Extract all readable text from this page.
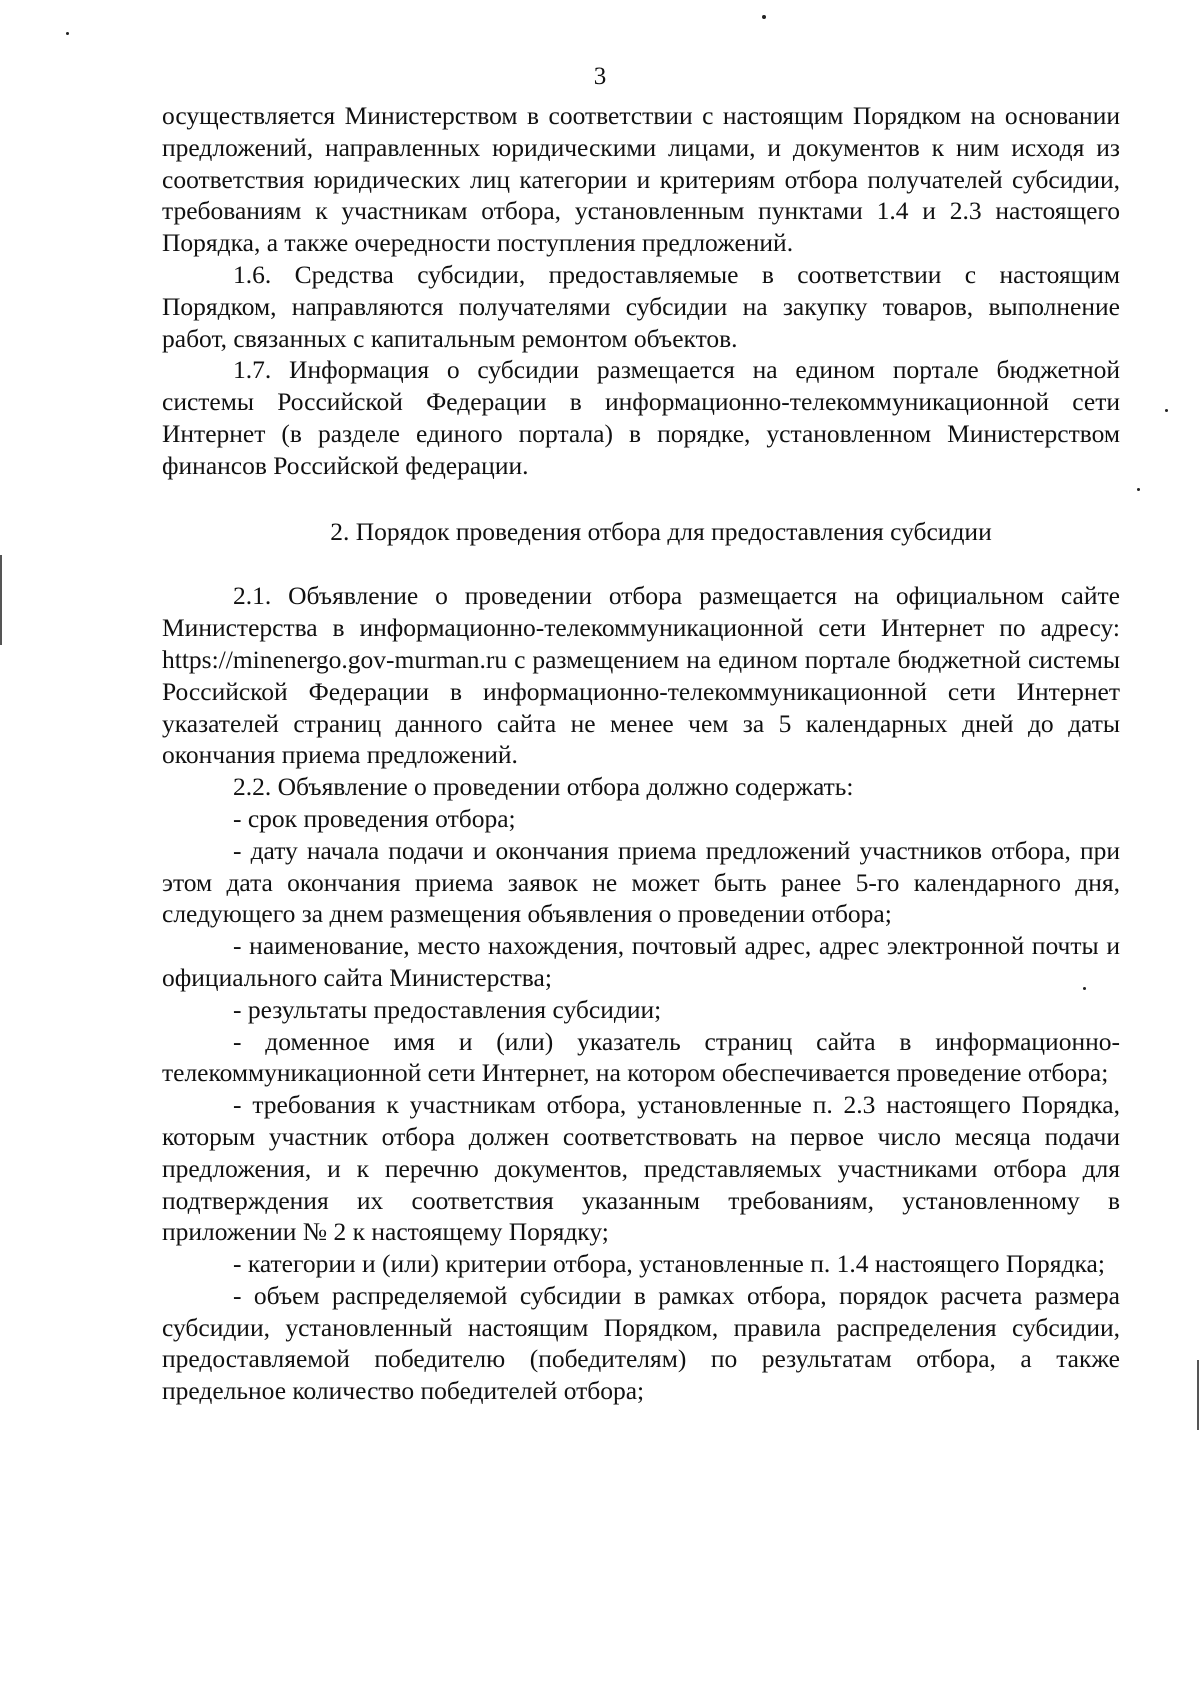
3

осуществляется Министерством в соответствии с настоящим Порядком на основании предложений, направленных юридическими лицами, и документов к ним исходя из соответствия юридических лиц категории и критериям отбора получателей субсидии, требованиям к участникам отбора, установленным пунктами 1.4 и 2.3 настоящего Порядка, а также очередности поступления предложений.

1.6. Средства субсидии, предоставляемые в соответствии с настоящим Порядком, направляются получателями субсидии на закупку товаров, выполнение работ, связанных с капитальным ремонтом объектов.

1.7. Информация о субсидии размещается на едином портале бюджетной системы Российской Федерации в информационно-телекоммуникационной сети Интернет (в разделе единого портала) в порядке, установленном Министерством финансов Российской федерации.

2. Порядок проведения отбора для предоставления субсидии

2.1. Объявление о проведении отбора размещается на официальном сайте Министерства в информационно-телекоммуникационной сети Интернет по адресу: https://minenergo.gov-murman.ru с размещением на едином портале бюджетной системы Российской Федерации в информационно-телекоммуникационной сети Интернет указателей страниц данного сайта не менее чем за 5 календарных дней до даты окончания приема предложений.

2.2. Объявление о проведении отбора должно содержать:

- срок проведения отбора;

- дату начала подачи и окончания приема предложений участников отбора, при этом дата окончания приема заявок не может быть ранее 5-го календарного дня, следующего за днем размещения объявления о проведении отбора;

- наименование, место нахождения, почтовый адрес, адрес электронной почты и официального сайта Министерства;

- результаты предоставления субсидии;

- доменное имя и (или) указатель страниц сайта в информационно-телекоммуникационной сети Интернет, на котором обеспечивается проведение отбора;

- требования к участникам отбора, установленные п. 2.3 настоящего Порядка, которым участник отбора должен соответствовать на первое число месяца подачи предложения, и к перечню документов, представляемых участниками отбора для подтверждения их соответствия указанным требованиям, установленному в приложении № 2 к настоящему Порядку;

- категории и (или) критерии отбора, установленные п. 1.4 настоящего Порядка;

- объем распределяемой субсидии в рамках отбора, порядок расчета размера субсидии, установленный настоящим Порядком, правила распределения субсидии, предоставляемой победителю (победителям) по результатам отбора, а также предельное количество победителей отбора;
